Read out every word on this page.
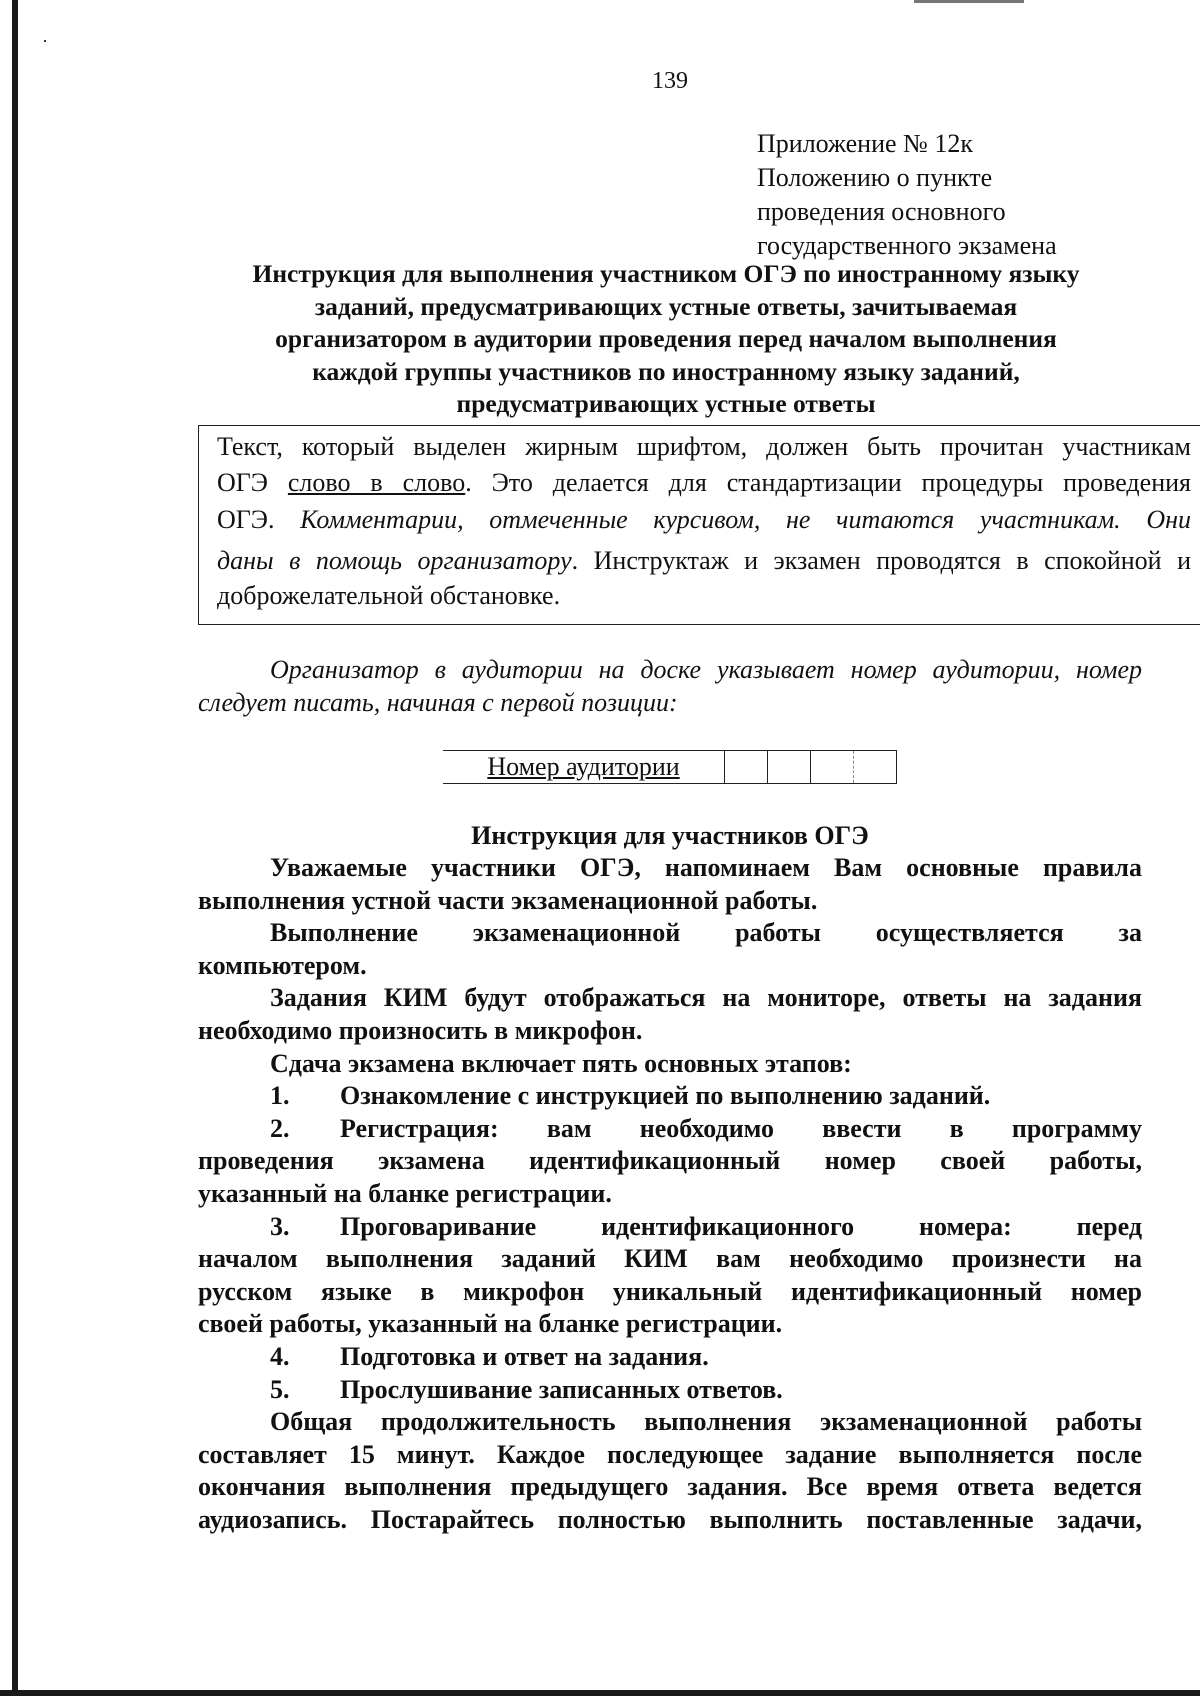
·
139
Приложение № 12к
Положению о пункте
проведения основного
государственного экзамена
Инструкция для выполнения участником ОГЭ по иностранному языку
заданий, предусматривающих устные ответы, зачитываемая
организатором в аудитории проведения перед началом выполнения
каждой группы участников по иностранному языку заданий,
предусматривающих устные ответы
Текст, который выделен жирным шрифтом, должен быть прочитан участникам
ОГЭ слово в слово. Это делается для стандартизации процедуры проведения
ОГЭ. Комментарии, отмеченные курсивом, не читаются участникам. Они
даны в помощь организатору. Инструктаж и экзамен проводятся в спокойной и
доброжелательной обстановке.
Организатор в аудитории на доске указывает номер аудитории, номер
следует писать, начиная с первой позиции:
Номер аудитории
Инструкция для участников ОГЭ
Уважаемые участники ОГЭ, напоминаем Вам основные правила
выполнения устной части экзаменационной работы.
Выполнение экзаменационной работы осуществляется за
компьютером.
Задания КИМ будут отображаться на мониторе, ответы на задания
необходимо произносить в микрофон.
Сдача экзамена включает пять основных этапов:
1. Ознакомление с инструкцией по выполнению заданий.
2. Регистрация: вам необходимо ввести в программу
проведения экзамена идентификационный номер своей работы,
указанный на бланке регистрации.
3. Проговаривание идентификационного номера: перед
началом выполнения заданий КИМ вам необходимо произнести на
русском языке в микрофон уникальный идентификационный номер
своей работы, указанный на бланке регистрации.
4. Подготовка и ответ на задания.
5. Прослушивание записанных ответов.
Общая продолжительность выполнения экзаменационной работы
составляет 15 минут. Каждое последующее задание выполняется после
окончания выполнения предыдущего задания. Все время ответа ведется
аудиозапись. Постарайтесь полностью выполнить поставленные задачи,
